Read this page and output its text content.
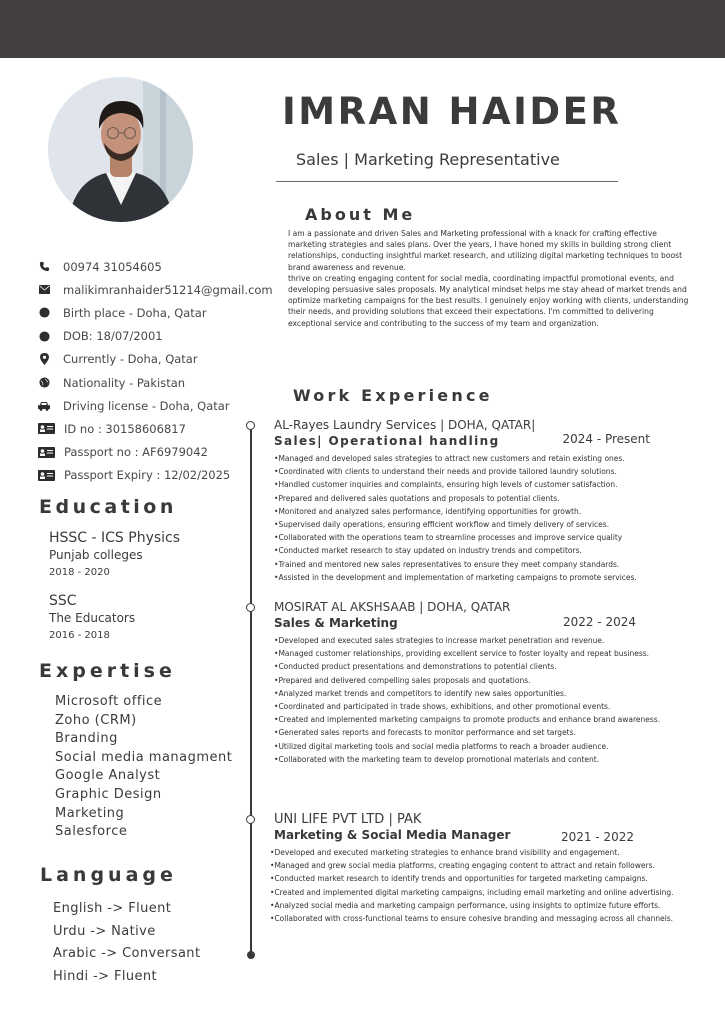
IMRAN HAIDER
Sales | Marketing Representative
About Me

I am a passionate and driven Sales and Marketing professional with a knack for crafting effective marketing strategies and sales plans. Over the years, I have honed my skills in building strong client relationships, conducting insightful market research, and utilizing digital marketing techniques to boost brand awareness and revenue.

thrive on creating engaging content for social media, coordinating impactful promotional events, and developing persuasive sales proposals. My analytical mindset helps me stay ahead of market trends and optimize marketing campaigns for the best results. I genuinely enjoy working with clients, understanding their needs, and providing solutions that exceed their expectations. I'm committed to delivering exceptional service and contributing to the success of my team and organization.

00974 31054605
malikimranhaider51214@gmail.com
Birth place - Doha, Qatar
DOB: 18/07/2001
Currently - Doha, Qatar
Nationality - Pakistan
Driving license - Doha, Qatar
ID no : 30158606817
Passport no : AF6979042
Passport Expiry : 12/02/2025
Education
HSSC - ICS Physics
Punjab colleges
2018 - 2020
SSC
The Educators
2016 - 2018
Expertise
Microsoft office
Zoho (CRM)
Branding
Social media managment
Google Analyst
Graphic Design
Marketing
Salesforce
Language
English -> Fluent
Urdu -> Native
Arabic -> Conversant
Hindi -> Fluent
Work Experience
AL-Rayes Laundry Services | DOHA, QATAR|
Sales| Operational handling	2024 - Present
• Managed and developed sales strategies to attract new customers and retain existing ones.
• Coordinated with clients to understand their needs and provide tailored laundry solutions.
• Handled customer inquiries and complaints, ensuring high levels of customer satisfaction.
• Prepared and delivered sales quotations and proposals to potential clients.
• Monitored and analyzed sales performance, identifying opportunities for growth.
• Supervised daily operations, ensuring efficient workflow and timely delivery of services.
• Collaborated with the operations team to streamline processes and improve service quality
• Conducted market research to stay updated on industry trends and competitors.
• Trained and mentored new sales representatives to ensure they meet company standards.
• Assisted in the development and implementation of marketing campaigns to promote services.
MOSIRAT AL AKSHSAAB | DOHA, QATAR
Sales & Marketing	2022 - 2024
• Developed and executed sales strategies to increase market penetration and revenue.
• Managed customer relationships, providing excellent service to foster loyalty and repeat business.
• Conducted product presentations and demonstrations to potential clients.
• Prepared and delivered compelling sales proposals and quotations.
• Analyzed market trends and competitors to identify new sales opportunities.
• Coordinated and participated in trade shows, exhibitions, and other promotional events.
• Created and implemented marketing campaigns to promote products and enhance brand awareness.
• Generated sales reports and forecasts to monitor performance and set targets.
• Utilized digital marketing tools and social media platforms to reach a broader audience.
• Collaborated with the marketing team to develop promotional materials and content.
UNI LIFE PVT LTD | PAK
Marketing & Social Media Manager	2021 - 2022
• Developed and executed marketing strategies to enhance brand visibility and engagement.
• Managed and grew social media platforms, creating engaging content to attract and retain followers.
• Conducted market research to identify trends and opportunities for targeted marketing campaigns.
• Created and implemented digital marketing campaigns, including email marketing and online advertising.
• Analyzed social media and marketing campaign performance, using insights to optimize future efforts.
• Collaborated with cross-functional teams to ensure cohesive branding and messaging across all channels.
